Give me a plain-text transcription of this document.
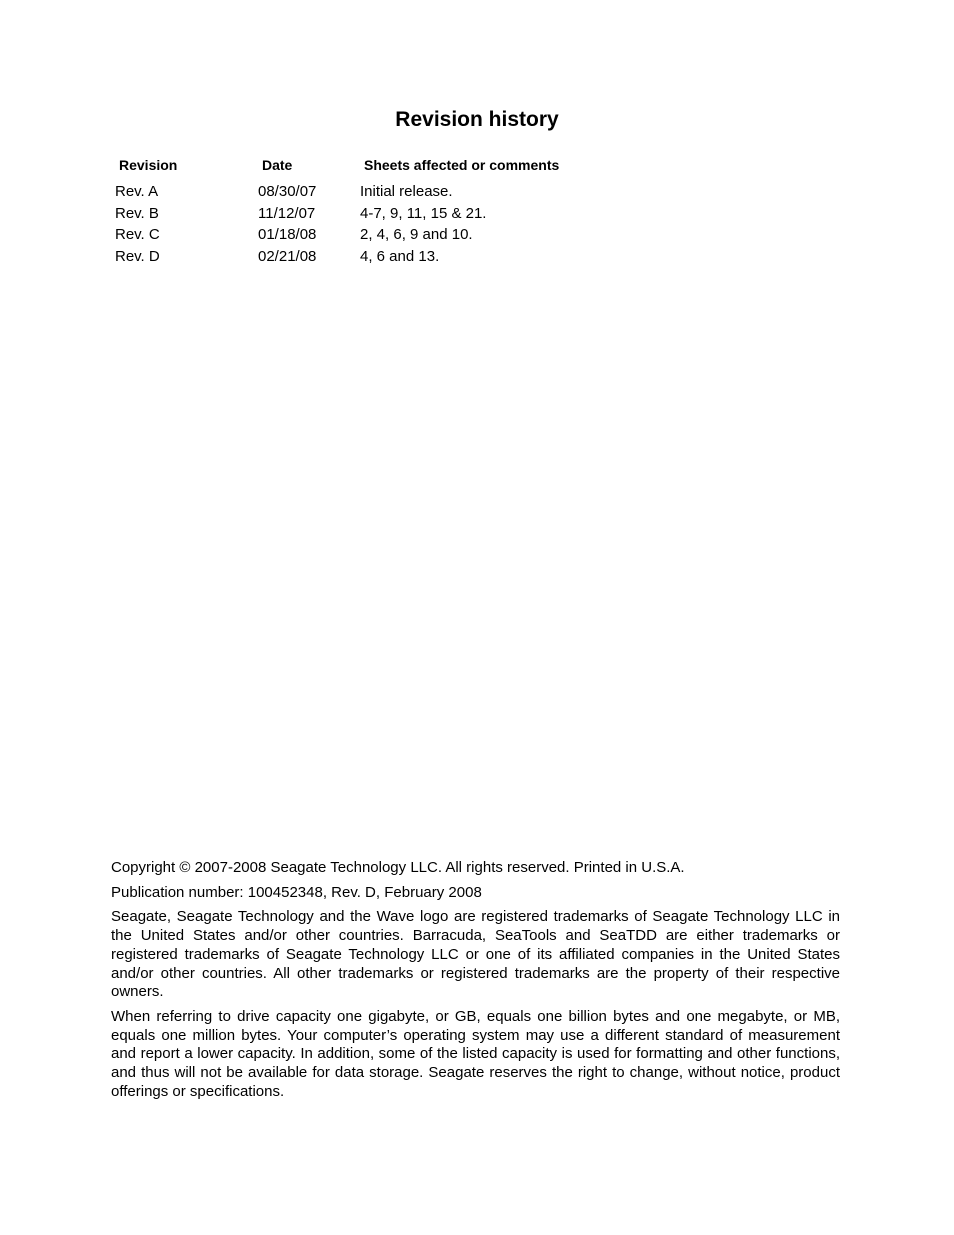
Revision history
Revision	Date	Sheets affected or comments
Rev. A	08/30/07	Initial release.
Rev. B	11/12/07	4-7, 9, 11, 15 & 21.
Rev. C	01/18/08	2, 4, 6, 9 and 10.
Rev. D	02/21/08	4, 6 and 13.

Copyright © 2007-2008 Seagate Technology LLC. All rights reserved. Printed in U.S.A.

Publication number: 100452348, Rev. D, February 2008

Seagate, Seagate Technology and the Wave logo are registered trademarks of Seagate Technology LLC in the United States and/or other countries. Barracuda, SeaTools and SeaTDD are either trademarks or registered trademarks of Seagate Technology LLC or one of its affiliated companies in the United States and/or other countries. All other trademarks or registered trademarks are the property of their respective owners.

When referring to drive capacity one gigabyte, or GB, equals one billion bytes and one megabyte, or MB, equals one million bytes. Your computer’s operating system may use a different standard of measurement and report a lower capacity. In addition, some of the listed capacity is used for formatting and other functions, and thus will not be available for data storage. Seagate reserves the right to change, without notice, product offerings or specifications.
